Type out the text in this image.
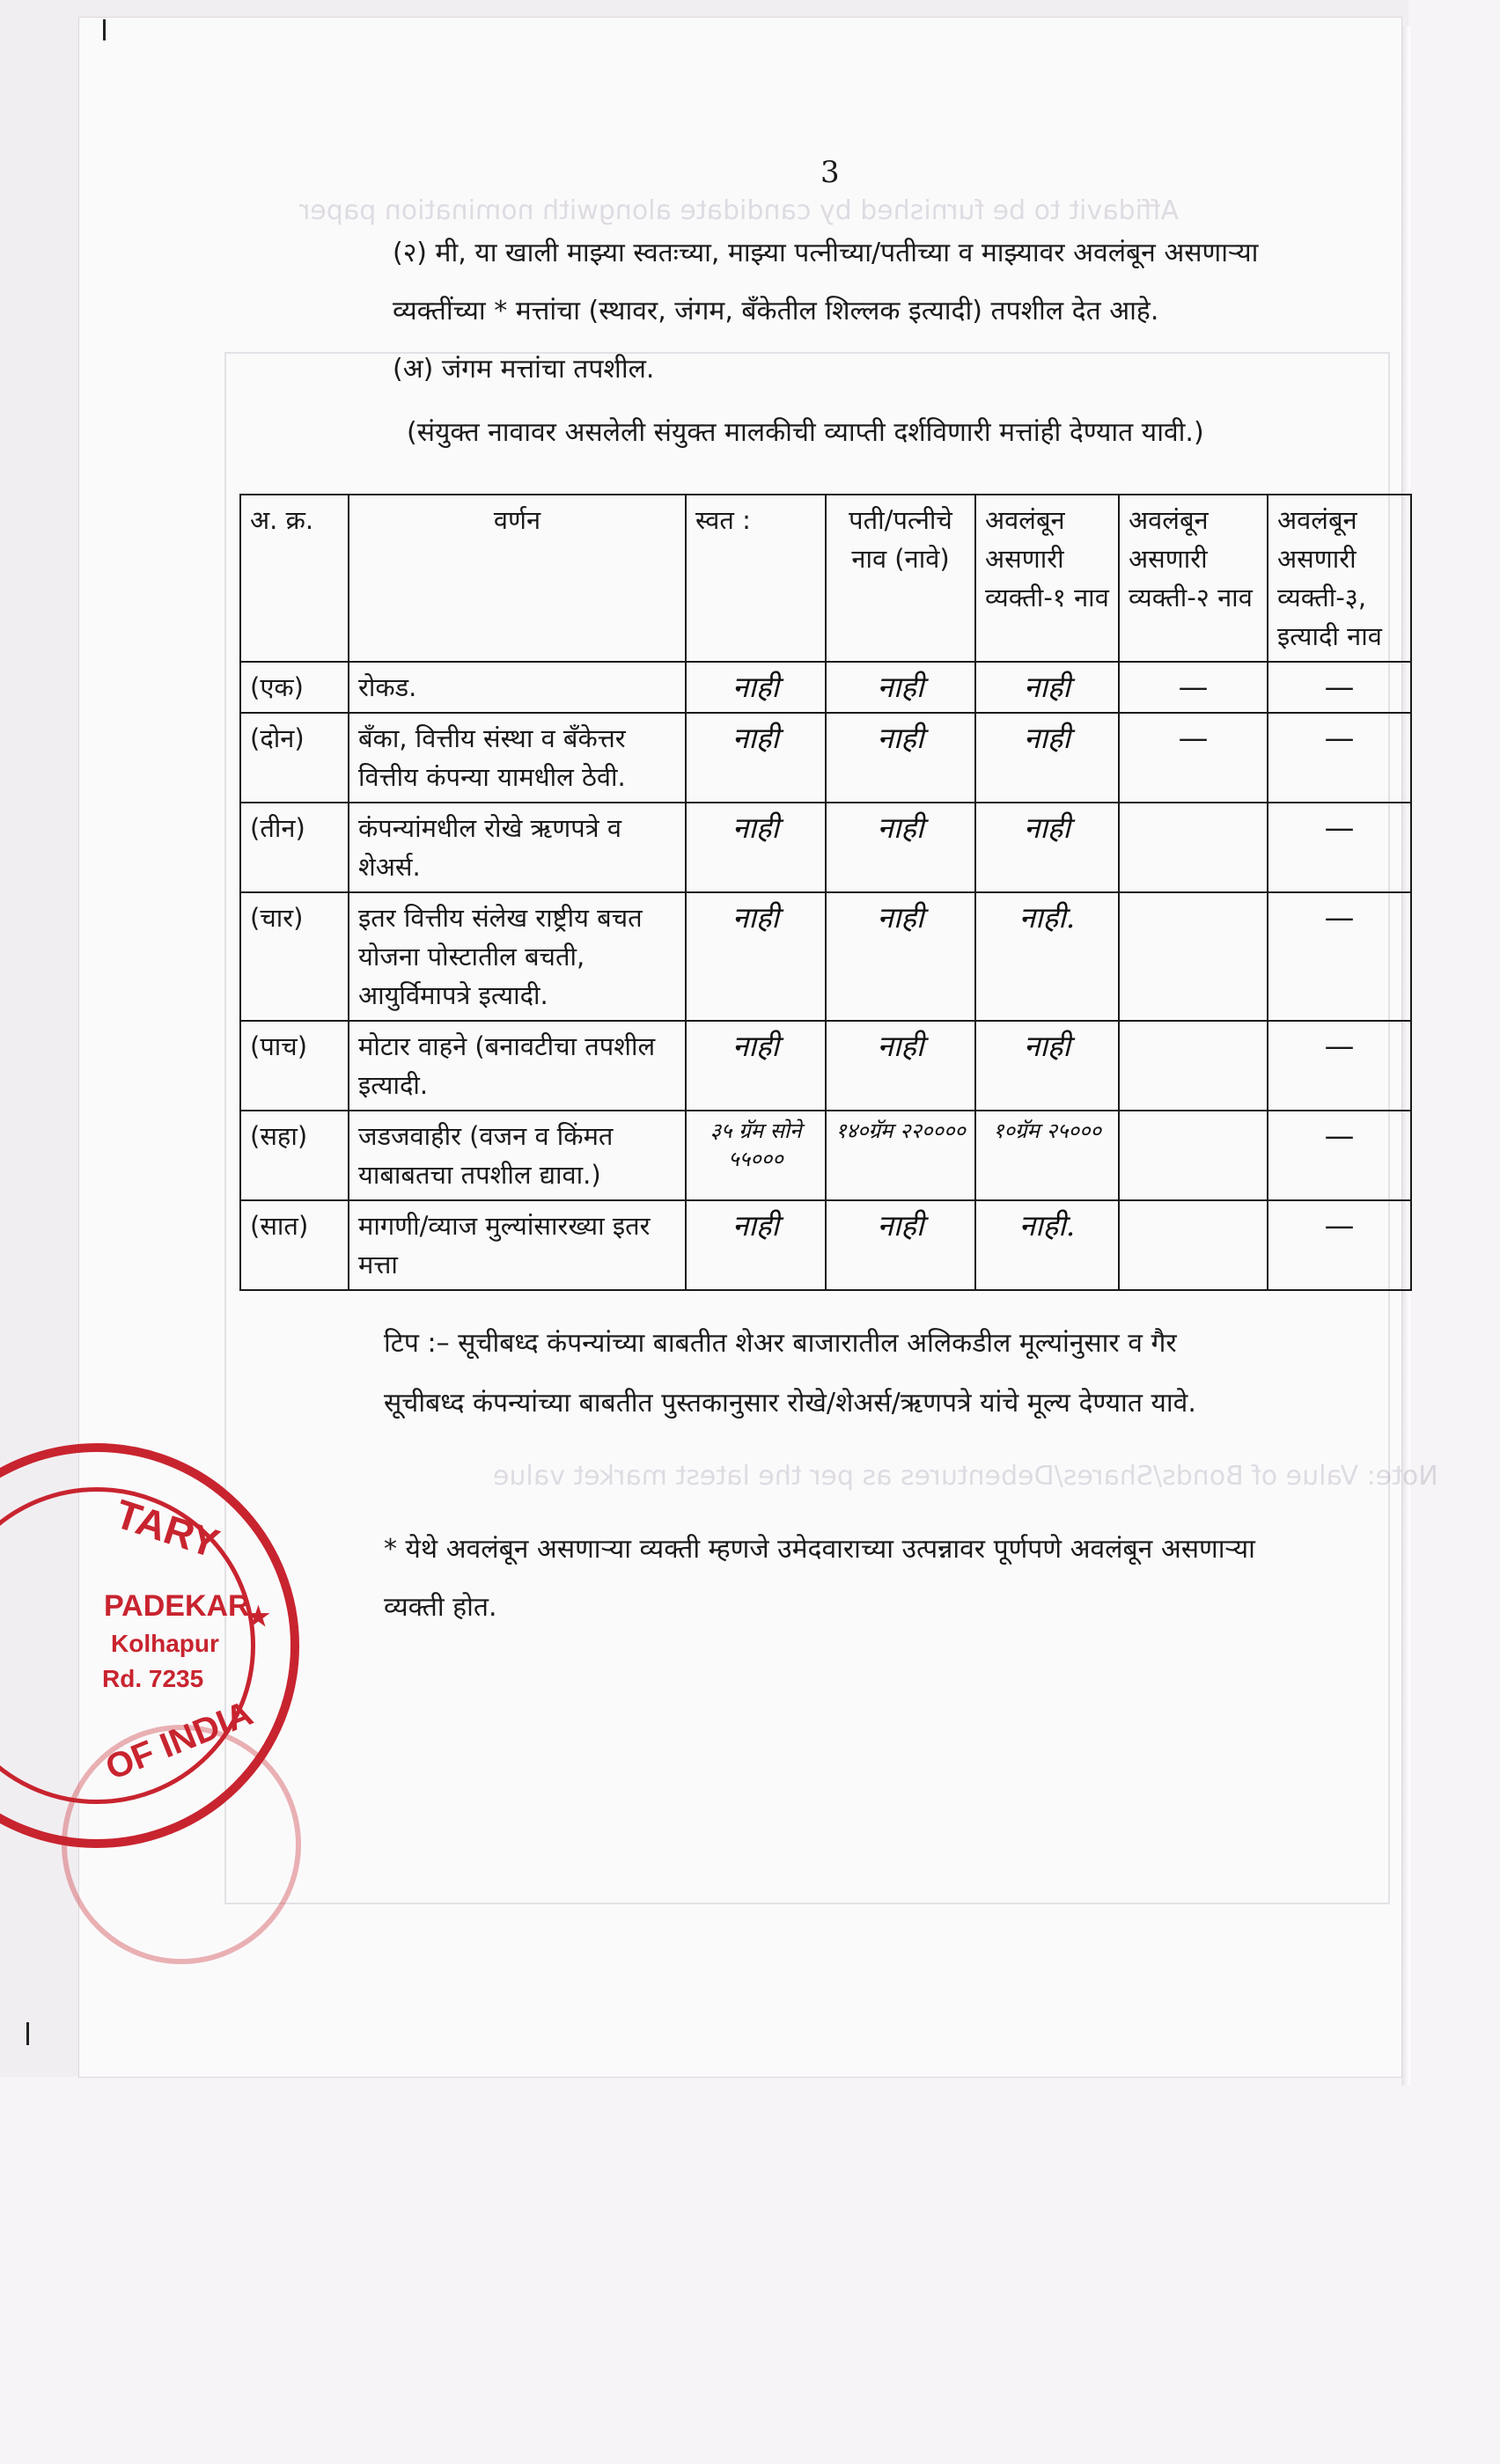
Affidavit to be furnished by candidate alongwith nomination paper
Note: Value of Bonds/Shares/Debentures as per the latest market value
3
(२) मी, या खाली माझ्या स्वतःच्या, माझ्या पत्नीच्या/पतीच्या व माझ्यावर अवलंबून असणाऱ्या
व्यक्तींच्या * मत्तांचा (स्थावर, जंगम, बँकेतील शिल्लक इत्यादी) तपशील देत आहे.
(अ) जंगम मत्तांचा तपशील.
(संयुक्त नावावर असलेली संयुक्त मालकीची व्याप्ती दर्शविणारी मत्तांही देण्यात यावी.)
अ. क्र.	वर्णन	स्वत :	पती/पत्नीचे नाव (नावे)	अवलंबून असणारी व्यक्ती-१ नाव	अवलंबून असणारी व्यक्ती-२ नाव	अवलंबून असणारी व्यक्ती-३, इत्यादी नाव
(एक)	रोकड.	नाही	नाही	नाही	—	—
(दोन)	बँका, वित्तीय संस्था व बँकेत्तर वित्तीय कंपन्या यामधील ठेवी.	नाही	नाही	नाही	—	—
(तीन)	कंपन्यांमधील रोखे ऋणपत्रे व शेअर्स.	नाही	नाही	नाही		—
(चार)	इतर वित्तीय संलेख राष्ट्रीय बचत योजना पोस्टातील बचती, आयुर्विमापत्रे इत्यादी.	नाही	नाही	नाही.		—
(पाच)	मोटार वाहने (बनावटीचा तपशील इत्यादी.	नाही	नाही	नाही		—
(सहा)	जडजवाहीर (वजन व किंमत याबाबतचा तपशील द्यावा.)	३५ ग्रॅम सोने ५५०००	१४०ग्रॅम २२००००	१०ग्रॅम २५०००		—
(सात)	मागणी/व्याज मुल्यांसारख्या इतर मत्ता	नाही	नाही	नाही.		—
टिप :– सूचीबध्द कंपन्यांच्या बाबतीत शेअर बाजारातील अलिकडील मूल्यांनुसार व गैर
सूचीबध्द कंपन्यांच्या बाबतीत पुस्तकानुसार रोखे/शेअर्स/ऋणपत्रे यांचे मूल्य देण्यात यावे.
* येथे अवलंबून असणाऱ्या व्यक्ती म्हणजे उमेदवाराच्या उत्पन्नावर पूर्णपणे अवलंबून असणाऱ्या
व्यक्ती होत.
TARY
PADEKAR
Kolhapur
Rd. 7235
OF INDIA
★
